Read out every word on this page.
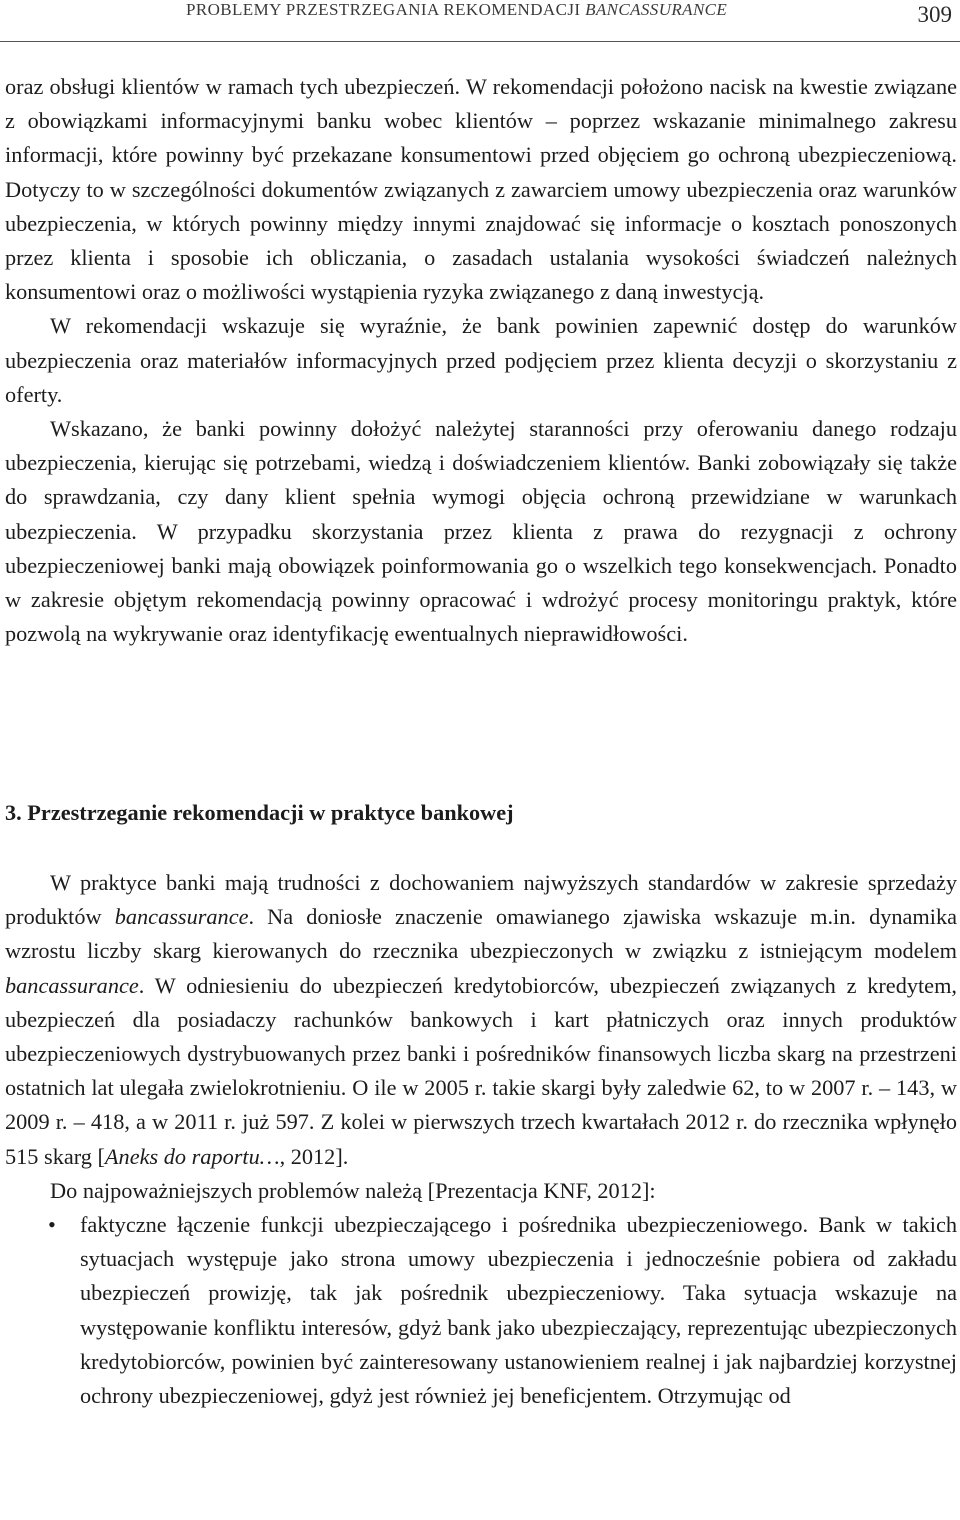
PROBLEMY PRZESTRZEGANIA REKOMENDACJI BANCASSURANCE	309

oraz obsługi klientów w ramach tych ubezpieczeń. W rekomendacji położono nacisk na kwestie związane z obowiązkami informacyjnymi banku wobec klientów – poprzez wskazanie minimalnego zakresu informacji, które powinny być przekazane konsumentowi przed objęciem go ochroną ubezpieczeniową. Dotyczy to w szczególności dokumentów związanych z zawarciem umowy ubezpieczenia oraz warunków ubezpieczenia, w których powinny między innymi znajdować się informacje o kosztach ponoszonych przez klienta i sposobie ich obliczania, o zasadach ustalania wysokości świadczeń należnych konsumentowi oraz o możliwości wystąpienia ryzyka związanego z daną inwestycją.

W rekomendacji wskazuje się wyraźnie, że bank powinien zapewnić dostęp do warunków ubezpieczenia oraz materiałów informacyjnych przed podjęciem przez klienta decyzji o skorzystaniu z oferty.

Wskazano, że banki powinny dołożyć należytej staranności przy oferowaniu danego rodzaju ubezpieczenia, kierując się potrzebami, wiedzą i doświadczeniem klientów. Banki zobowiązały się także do sprawdzania, czy dany klient spełnia wymogi objęcia ochroną przewidziane w warunkach ubezpieczenia. W przypadku skorzystania przez klienta z prawa do rezygnacji z ochrony ubezpieczeniowej banki mają obowiązek poinformowania go o wszelkich tego konsekwencjach. Ponadto w zakresie objętym rekomendacją powinny opracować i wdrożyć procesy monitoringu praktyk, które pozwolą na wykrywanie oraz identyfikację ewentualnych nieprawidłowości.

3. Przestrzeganie rekomendacji w praktyce bankowej

W praktyce banki mają trudności z dochowaniem najwyższych standardów w zakresie sprzedaży produktów bancassurance. Na doniosłe znaczenie omawianego zjawiska wskazuje m.in. dynamika wzrostu liczby skarg kierowanych do rzecznika ubezpieczonych w związku z istniejącym modelem bancassurance. W odniesieniu do ubezpieczeń kredytobiorców, ubezpieczeń związanych z kredytem, ubezpieczeń dla posiadaczy rachunków bankowych i kart płatniczych oraz innych produktów ubezpieczeniowych dystrybuowanych przez banki i pośredników finansowych liczba skarg na przestrzeni ostatnich lat ulegała zwielokrotnieniu. O ile w 2005 r. takie skargi były zaledwie 62, to w 2007 r. – 143, w 2009 r. – 418, a w 2011 r. już 597. Z kolei w pierwszych trzech kwartałach 2012 r. do rzecznika wpłynęło 515 skarg [Aneks do raportu…, 2012].

Do najpoważniejszych problemów należą [Prezentacja KNF, 2012]:

• faktyczne łączenie funkcji ubezpieczającego i pośrednika ubezpieczeniowego. Bank w takich sytuacjach występuje jako strona umowy ubezpieczenia i jednocześnie pobiera od zakładu ubezpieczeń prowizję, tak jak pośrednik ubezpieczeniowy. Taka sytuacja wskazuje na występowanie konfliktu interesów, gdyż bank jako ubezpieczający, reprezentując ubezpieczonych kredytobiorców, powinien być zainteresowany ustanowieniem realnej i jak najbardziej korzystnej ochrony ubezpieczeniowej, gdyż jest również jej beneficjentem. Otrzymując od
